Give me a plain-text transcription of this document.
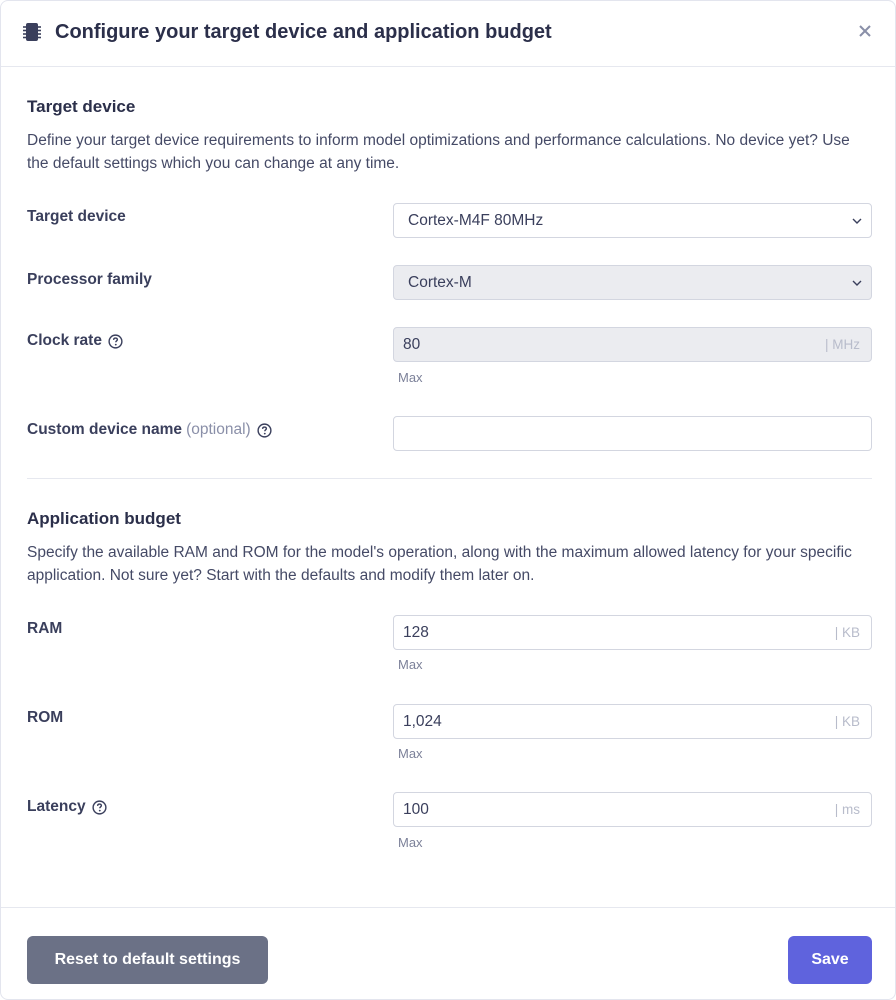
Configure your target device and application budget
Target device
Define your target device requirements to inform model optimizations and performance calculations. No device yet? Use the default settings which you can change at any time.
Target device	Cortex-M4F 80MHz
Processor family	Cortex-M
Clock rate	80	| MHz
Max
Custom device name (optional)
Application budget
Specify the available RAM and ROM for the model's operation, along with the maximum allowed latency for your specific application. Not sure yet? Start with the defaults and modify them later on.
RAM	128	| KB
Max
ROM	1,024	| KB
Max
Latency	100	| ms
Max
Reset to default settings	Save
